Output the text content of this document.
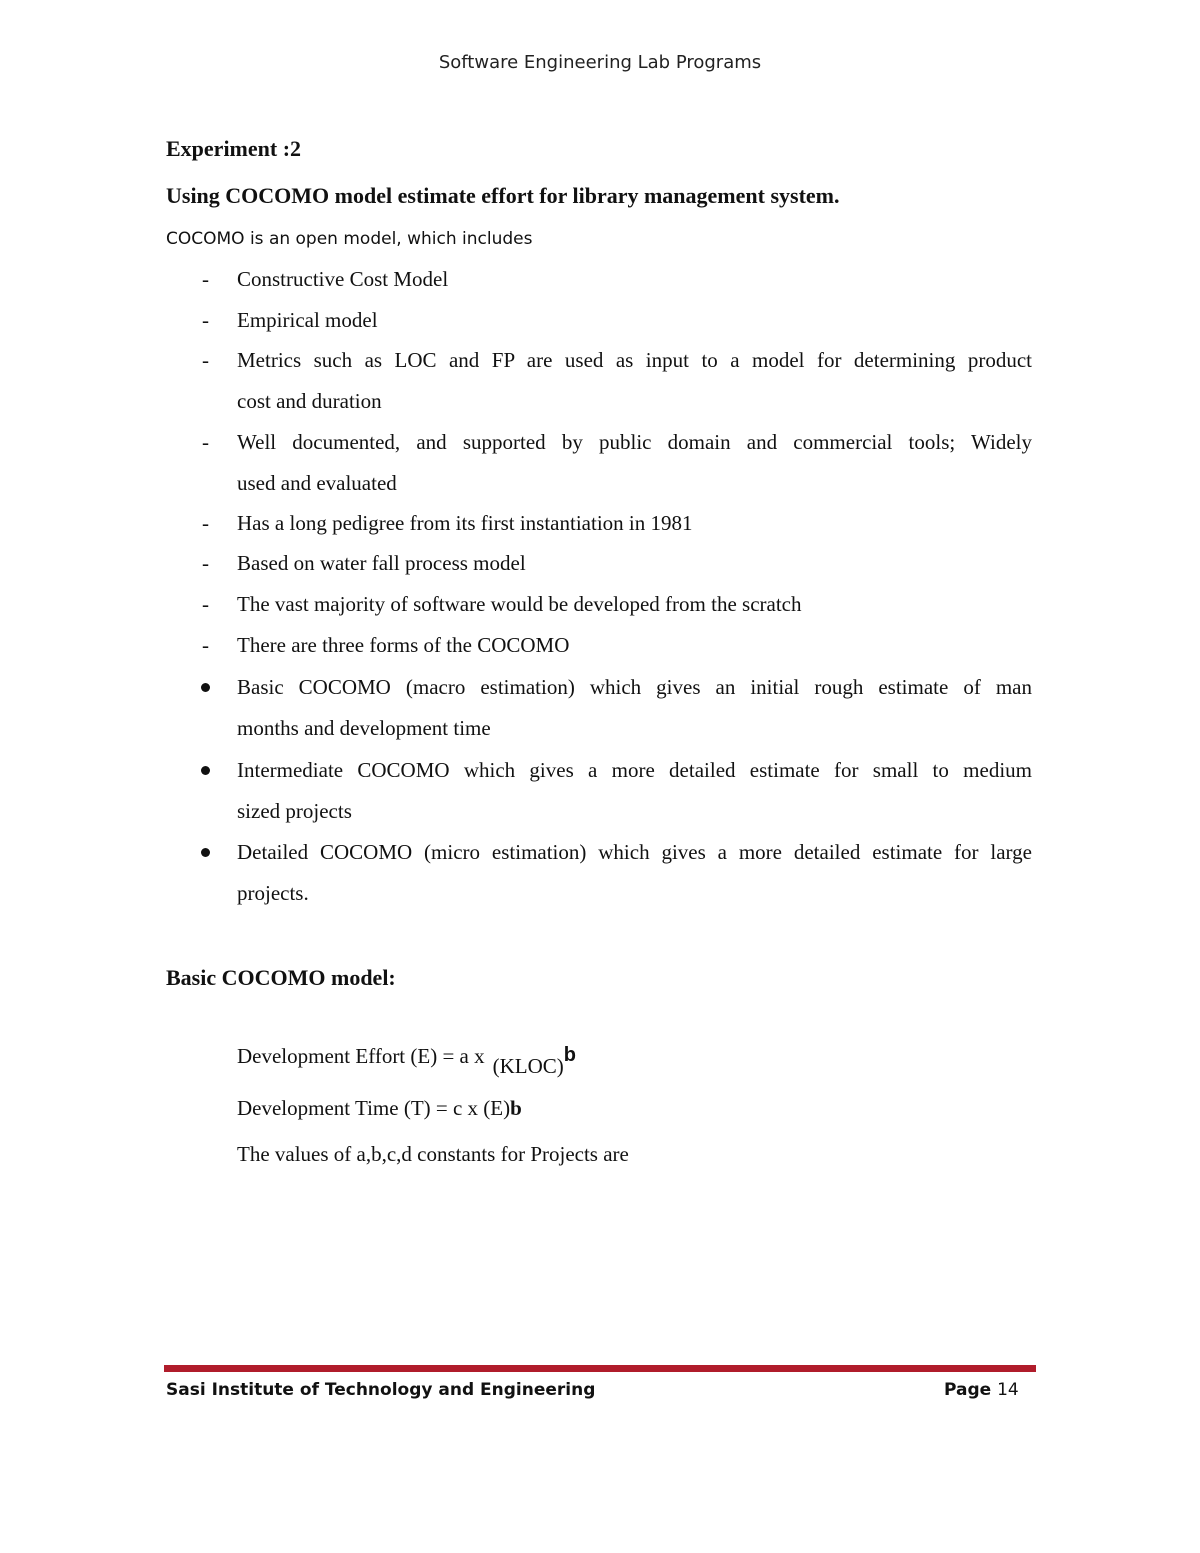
Software Engineering Lab Programs
Experiment :2
Using COCOMO model estimate effort for library management system.
COCOMO is an open model, which includes
- Constructive Cost Model
- Empirical model
- Metrics such as LOC and FP are used as input to a model for determining product
cost and duration
- Well documented, and supported by public domain and commercial tools; Widely
used and evaluated
- Has a long pedigree from its first instantiation in 1981
- Based on water fall process model
- The vast majority of software would be developed from the scratch
- There are three forms of the COCOMO
Basic COCOMO (macro estimation) which gives an initial rough estimate of man
months and development time
Intermediate COCOMO which gives a more detailed estimate for small to medium
sized projects
Detailed COCOMO (micro estimation) which gives a more detailed estimate for large
projects.
Basic COCOMO model:
Development Effort (E) = a x (KLOC)b
Development Time (T) = c x (E)b
The values of a,b,c,d constants for Projects are
Sasi Institute of Technology and Engineering	Page 14
